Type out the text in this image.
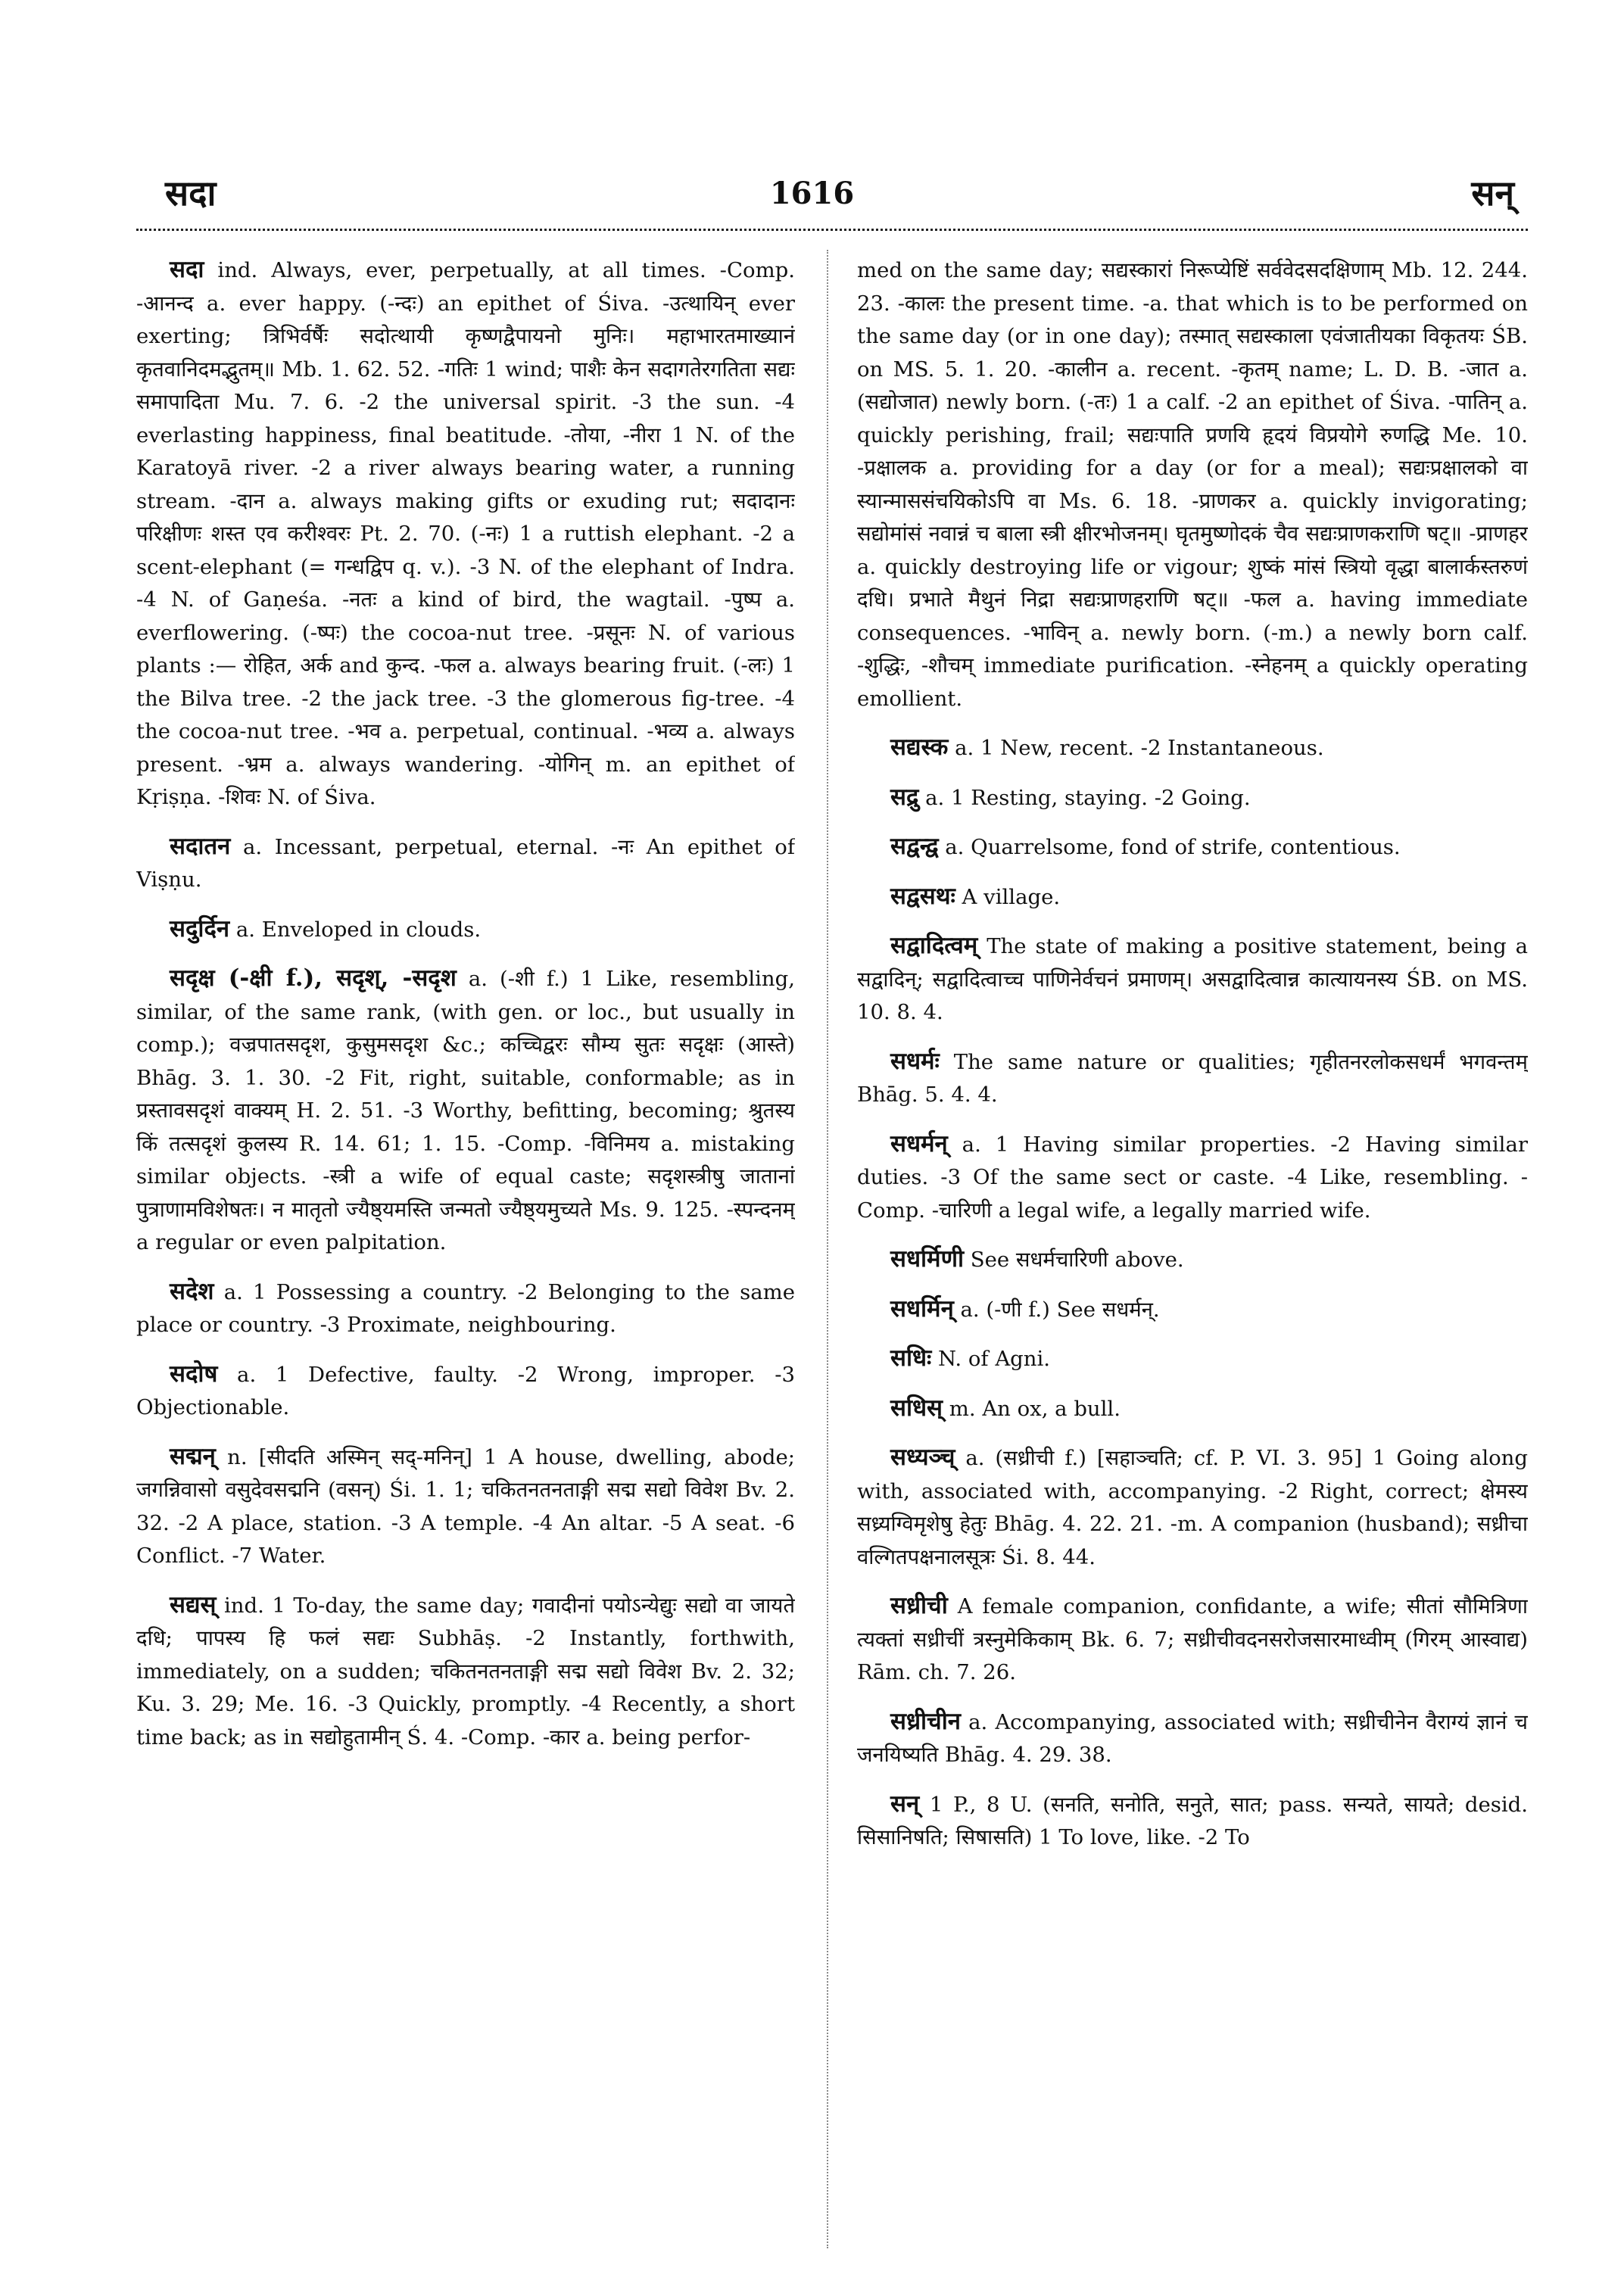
सदा	1616	सन्

सदा ind. Always, ever, perpetually, at all times. -Comp. -आनन्द a. ever happy. (-न्दः) an epithet of Śiva. -उत्थायिन् ever exerting; त्रिभिर्वर्षैः सदोत्थायी कृष्णद्वैपायनो मुनिः। महाभारतमाख्यानं कृतवानिदमद्भुतम्॥ Mb. 1. 62. 52. -गतिः 1 wind; पाशैः केन सदागतेरगतिता सद्यः समापादिता Mu. 7. 6. -2 the universal spirit. -3 the sun. -4 everlasting happiness, final beatitude. -तोया, -नीरा 1 N. of the Karatoyā river. -2 a river always bearing water, a running stream. -दान a. always making gifts or exuding rut; सदादानः परिक्षीणः शस्त एव करीश्वरः Pt. 2. 70. (-नः) 1 a ruttish elephant. -2 a scent-elephant (= गन्धद्विप q. v.). -3 N. of the elephant of Indra. -4 N. of Gaṇeśa. -नतः a kind of bird, the wagtail. -पुष्प a. everflowering. (-ष्पः) the cocoa-nut tree. -प्रसूनः N. of various plants :— रोहित, अर्क and कुन्द. -फल a. always bearing fruit. (-लः) 1 the Bilva tree. -2 the jack tree. -3 the glomerous fig-tree. -4 the cocoa-nut tree. -भव a. perpetual, continual. -भव्य a. always present. -भ्रम a. always wandering. -योगिन् m. an epithet of Kṛiṣṇa. -शिवः N. of Śiva.

सदातन a. Incessant, perpetual, eternal. -नः An epithet of Viṣṇu.

सदुर्दिन a. Enveloped in clouds.

सदृक्ष (-क्षी f.), सदृश्, -सदृश a. (-शी f.) 1 Like, resembling, similar, of the same rank, (with gen. or loc., but usually in comp.); वज्रपातसदृश, कुसुमसदृश &c.; कच्चिद्वरः सौम्य सुतः सदृक्षः (आस्ते) Bhāg. 3. 1. 30. -2 Fit, right, suitable, conformable; as in प्रस्तावसदृशं वाक्यम् H. 2. 51. -3 Worthy, befitting, becoming; श्रुतस्य किं तत्सदृशं कुलस्य R. 14. 61; 1. 15. -Comp. -विनिमय a. mistaking similar objects. -स्त्री a wife of equal caste; सदृशस्त्रीषु जातानां पुत्राणामविशेषतः। न मातृतो ज्यैष्ठ्यमस्ति जन्मतो ज्यैष्ठ्यमुच्यते Ms. 9. 125. -स्पन्दनम् a regular or even palpitation.

सदेश a. 1 Possessing a country. -2 Belonging to the same place or country. -3 Proximate, neighbouring.

सदोष a. 1 Defective, faulty. -2 Wrong, improper. -3 Objectionable.

सद्मन् n. [सीदति अस्मिन् सद्-मनिन्] 1 A house, dwelling, abode; जगन्निवासो वसुदेवसद्मनि (वसन्) Śi. 1. 1; चकितनतनताङ्गी सद्म सद्यो विवेश Bv. 2. 32. -2 A place, station. -3 A temple. -4 An altar. -5 A seat. -6 Conflict. -7 Water.

सद्यस् ind. 1 To-day, the same day; गवादीनां पयोऽन्येद्युः सद्यो वा जायते दधि; पापस्य हि फलं सद्यः Subhāṣ. -2 Instantly, forthwith, immediately, on a sudden; चकितनतनताङ्गी सद्म सद्यो विवेश Bv. 2. 32; Ku. 3. 29; Me. 16. -3 Quickly, promptly. -4 Recently, a short time back; as in सद्योहुतामीन् Ś. 4. -Comp. -कार a. being perfor-

med on the same day; सद्यस्कारां निरूप्येष्टिं सर्ववेदसदक्षिणाम् Mb. 12. 244. 23. -कालः the present time. -a. that which is to be performed on the same day (or in one day); तस्मात् सद्यस्काला एवंजातीयका विकृतयः ŚB. on MS. 5. 1. 20. -कालीन a. recent. -कृतम् name; L. D. B. -जात a. (सद्योजात) newly born. (-तः) 1 a calf. -2 an epithet of Śiva. -पातिन् a. quickly perishing, frail; सद्यःपाति प्रणयि हृदयं विप्रयोगे रुणद्धि Me. 10. -प्रक्षालक a. providing for a day (or for a meal); सद्यःप्रक्षालको वा स्यान्माससंचयिकोऽपि वा Ms. 6. 18. -प्राणकर a. quickly invigorating; सद्योमांसं नवान्नं च बाला स्त्री क्षीरभोजनम्। घृतमुष्णोदकं चैव सद्यःप्राणकराणि षट्॥ -प्राणहर a. quickly destroying life or vigour; शुष्कं मांसं स्त्रियो वृद्धा बालार्कस्तरुणं दधि। प्रभाते मैथुनं निद्रा सद्यःप्राणहराणि षट्॥ -फल a. having immediate consequences. -भाविन् a. newly born. (-m.) a newly born calf. -शुद्धिः, -शौचम् immediate purification. -स्नेहनम् a quickly operating emollient.

सद्यस्क a. 1 New, recent. -2 Instantaneous.

सद्रु a. 1 Resting, staying. -2 Going.

सद्वन्द्व a. Quarrelsome, fond of strife, contentious.

सद्वसथः A village.

सद्वादित्वम् The state of making a positive statement, being a सद्वादिन्; सद्वादित्वाच्च पाणिनेर्वचनं प्रमाणम्। असद्वादित्वान्न कात्यायनस्य ŚB. on MS. 10. 8. 4.

सधर्मः The same nature or qualities; गृहीतनरलोकसधर्मं भगवन्तम् Bhāg. 5. 4. 4.

सधर्मन् a. 1 Having similar properties. -2 Having similar duties. -3 Of the same sect or caste. -4 Like, resembling. -Comp. -चारिणी a legal wife, a legally married wife.

सधर्मिणी See सधर्मचारिणी above.

सधर्मिन् a. (-णी f.) See सधर्मन्.

सधिः N. of Agni.

सधिस् m. An ox, a bull.

सध्यञ्च् a. (सध्रीची f.) [सहाञ्चति; cf. P. VI. 3. 95] 1 Going along with, associated with, accompanying. -2 Right, correct; क्षेमस्य सध्र्यग्विमृशेषु हेतुः Bhāg. 4. 22. 21. -m. A companion (husband); सध्रीचा वल्गितपक्षनालसूत्रः Śi. 8. 44.

सध्रीची A female companion, confidante, a wife; सीतां सौमित्रिणा त्यक्तां सध्रीचीं त्रस्नुमेकिकाम् Bk. 6. 7; सध्रीचीवदनसरोजसारमाध्वीम् (गिरम् आस्वाद्य) Rām. ch. 7. 26.

सध्रीचीन a. Accompanying, associated with; सध्रीचीनेन वैराग्यं ज्ञानं च जनयिष्यति Bhāg. 4. 29. 38.

सन् 1 P., 8 U. (सनति, सनोति, सनुते, सात; pass. सन्यते, सायते; desid. सिसानिषति; सिषासति) 1 To love, like. -2 To
